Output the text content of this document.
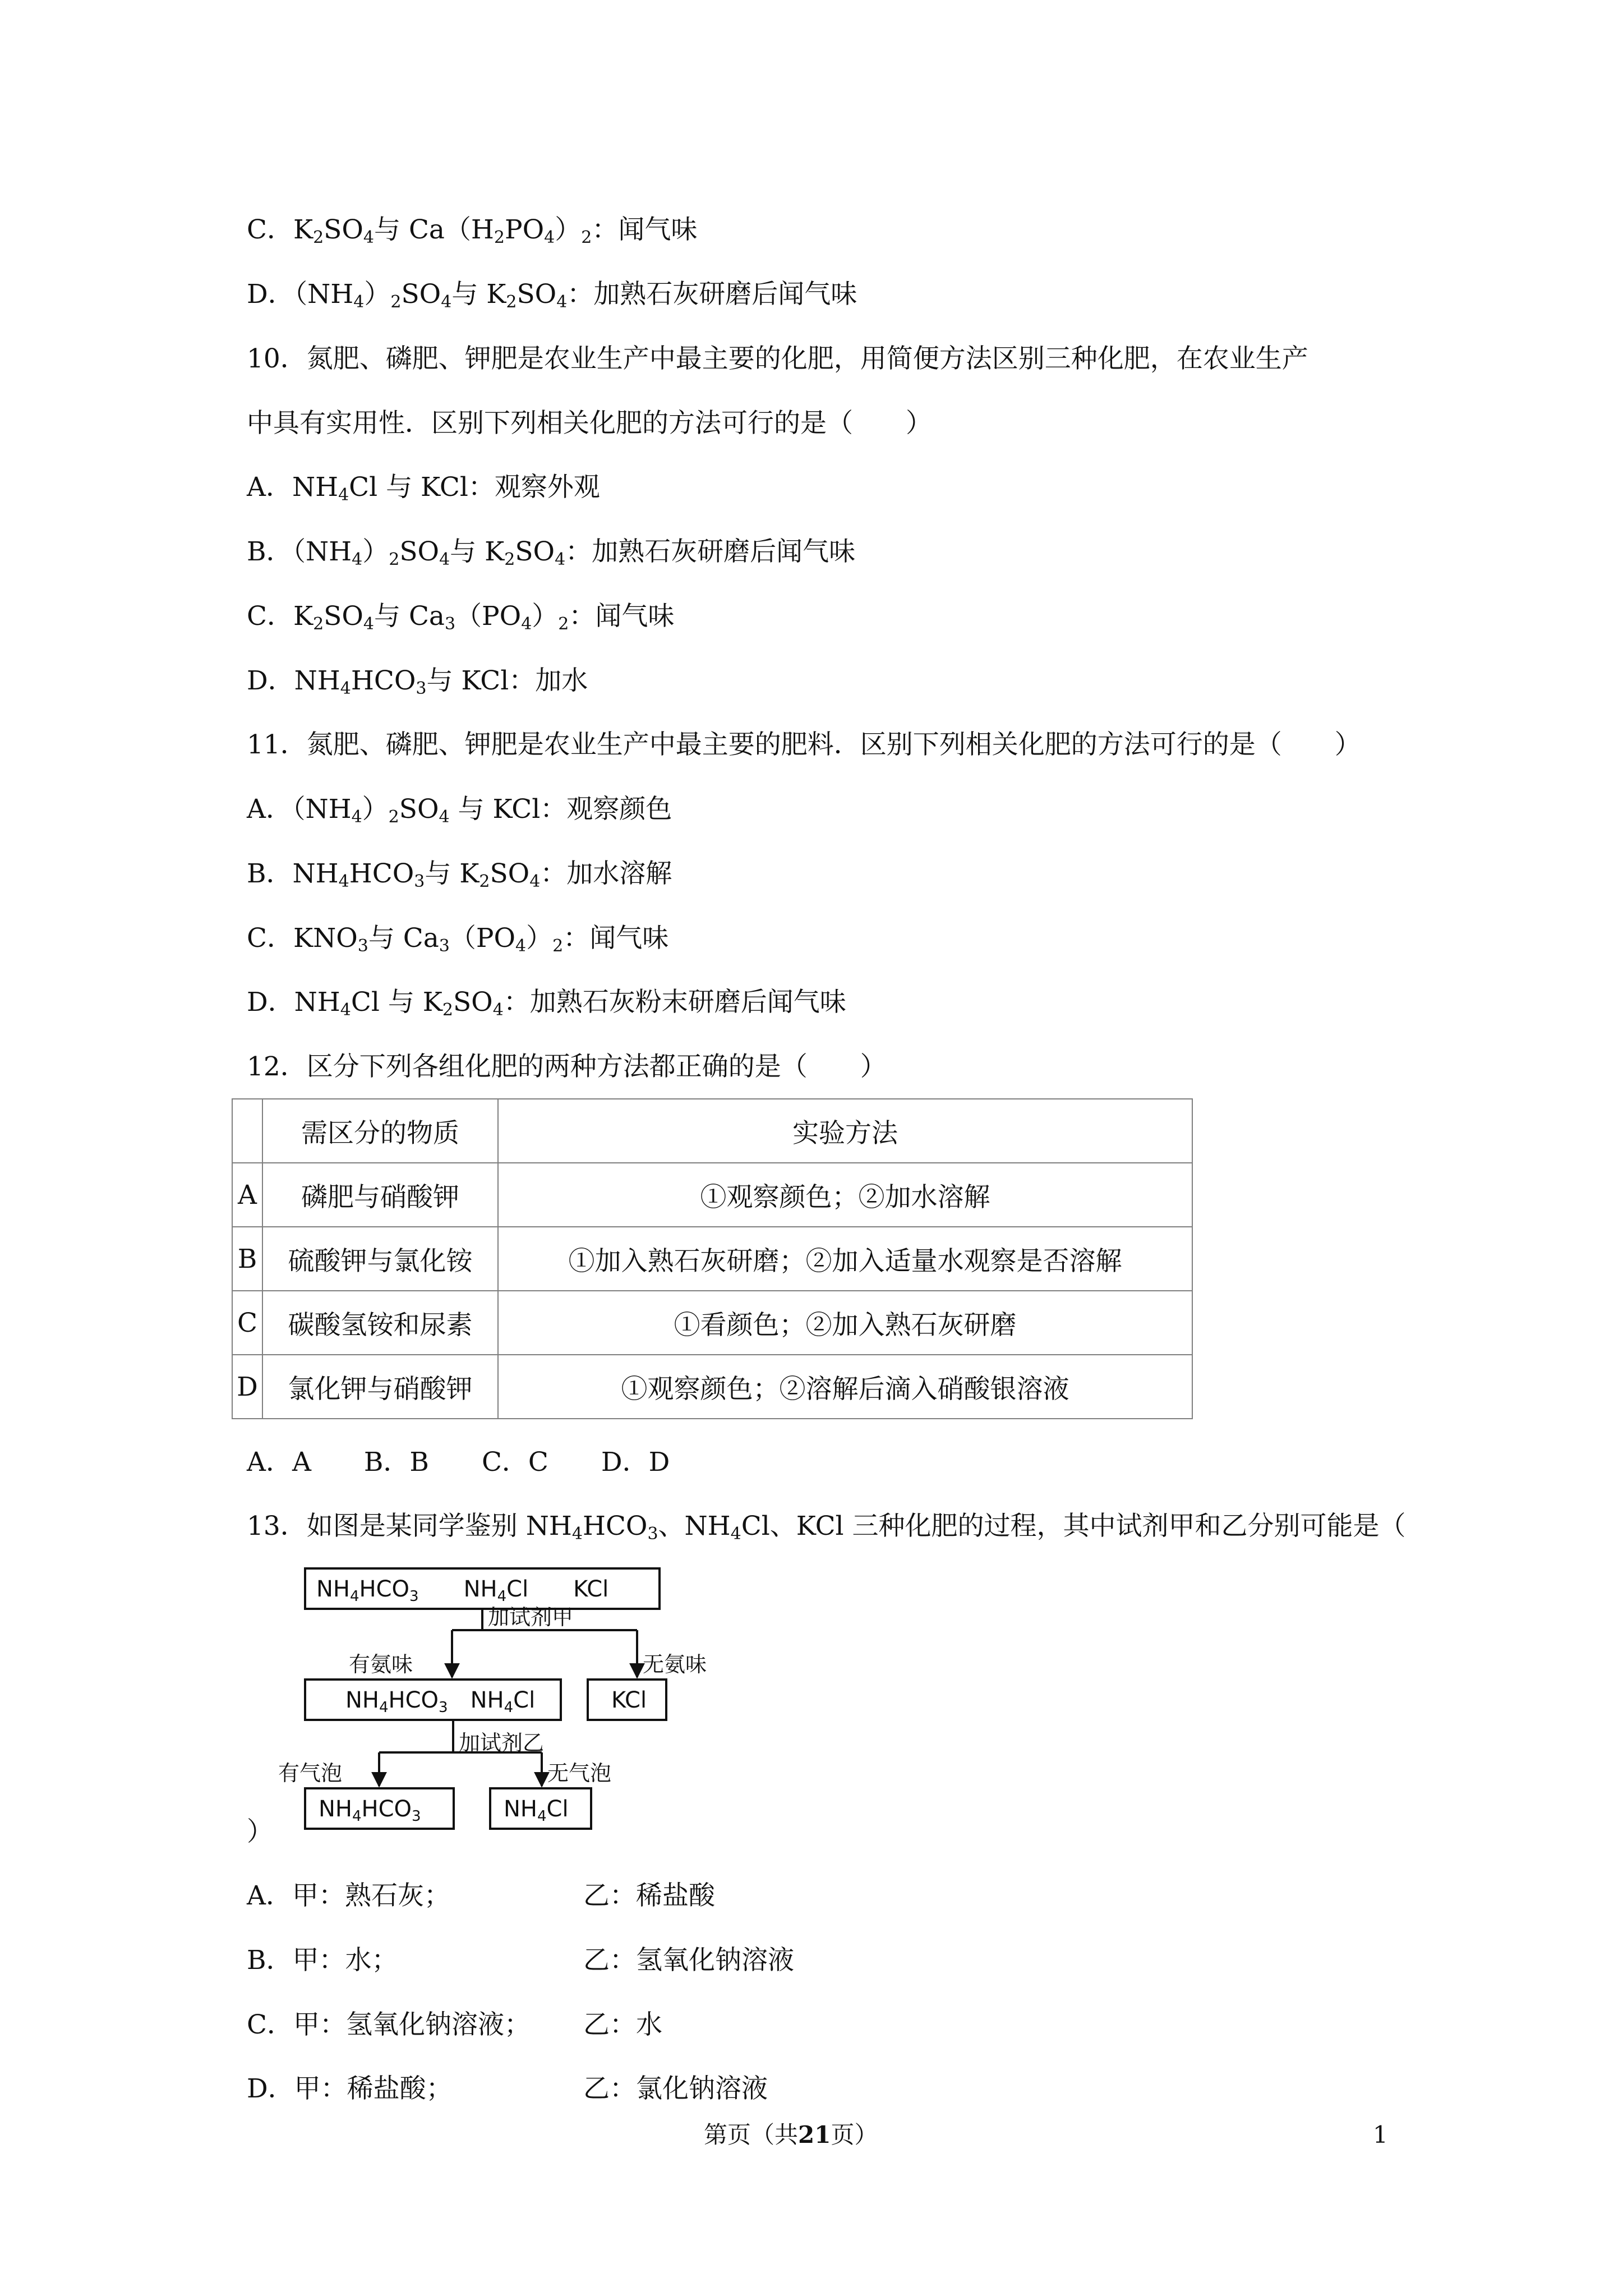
C．$K_2SO_4$与 $Ca(H_2PO_4)_2$：闻气味
D．$(NH_4)_2SO_4$与 $K_2SO_4$：加熟石灰研磨后闻气味
10．氮肥、磷肥、钾肥是农业生产中最主要的化肥，用简便方法区别三种化肥，在农业生产
中具有实用性．区别下列相关化肥的方法可行的是（　　）
A．$NH_4Cl$ 与 KCl：观察外观
B．$(NH_4)_2SO_4$与 $K_2SO_4$：加熟石灰研磨后闻气味
C．$K_2SO_4$与 $Ca_3(PO_4)_2$：闻气味
D．$NH_4HCO_3$与 KCl：加水
11．氮肥、磷肥、钾肥是农业生产中最主要的肥料．区别下列相关化肥的方法可行的是（　　）
A．$(NH_4)_2SO_4$ 与 KCl：观察颜色
B．$NH_4HCO_3$与 $K_2SO_4$：加水溶解
C．$KNO_3$与 $Ca_3(PO_4)_2$：闻气味
D．$NH_4Cl$ 与 $K_2SO_4$：加熟石灰粉末研磨后闻气味
12．区分下列各组化肥的两种方法都正确的是（　　）
	需区分的物质	实验方法
A	磷肥与硝酸钾	①观察颜色；②加水溶解
B	硫酸钾与氯化铵	①加入熟石灰研磨；②加入适量水观察是否溶解
C	碳酸氢铵和尿素	①看颜色；②加入熟石灰研磨
D	氯化钾与硝酸钾	①观察颜色；②溶解后滴入硝酸银溶液
A．A　　B．B　　C．C　　D．D
13．如图是某同学鉴别 $NH_4HCO_3$、$NH_4Cl$、KCl 三种化肥的过程，其中试剂甲和乙分别可能是（
$NH_4HCO_3$　　$NH_4Cl$　　KCl
加试剂甲
有氨味	无氨味
$NH_4HCO_3$　$NH_4Cl$	KCl
加试剂乙
有气泡	无气泡
$NH_4HCO_3$	$NH_4Cl$
）
A．甲：熟石灰；	乙：稀盐酸
B．甲：水；	乙：氢氧化钠溶液
C．甲：氢氧化钠溶液； 乙：水
D．甲：稀盐酸；	乙：氯化钠溶液
第页（共21页）	1
